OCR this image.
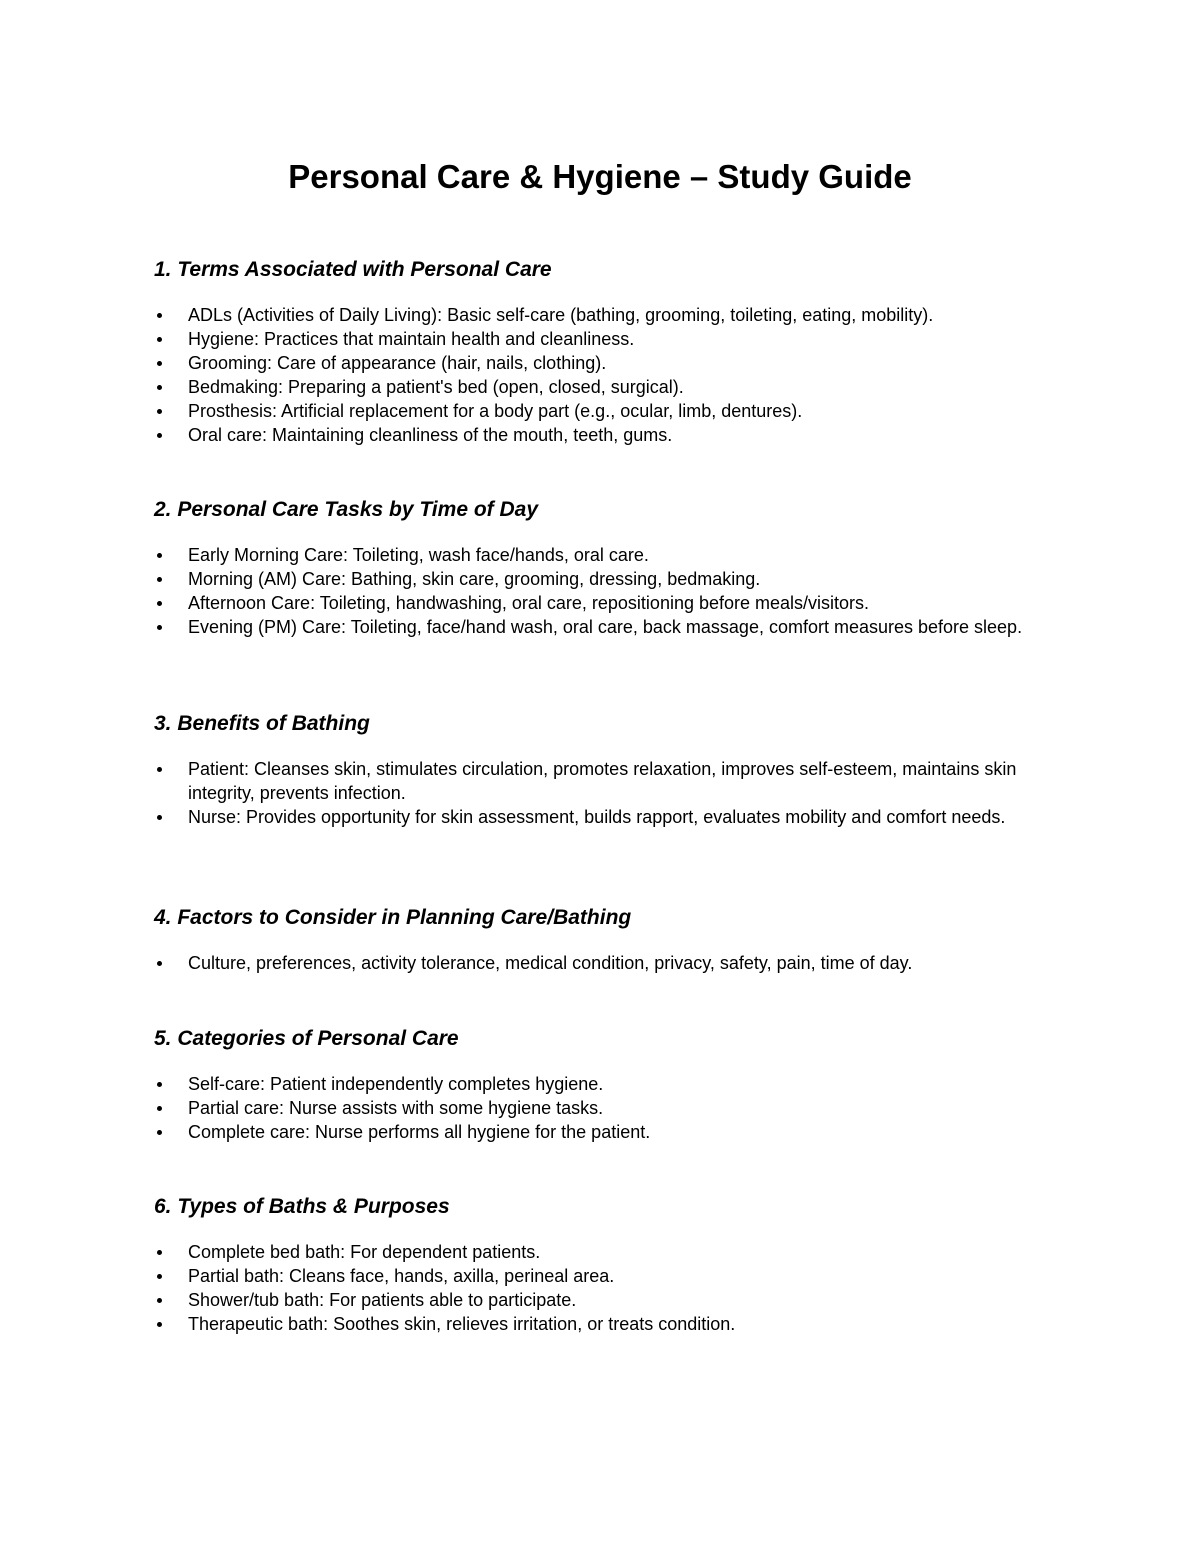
Personal Care & Hygiene – Study Guide
1. Terms Associated with Personal Care
ADLs (Activities of Daily Living): Basic self-care (bathing, grooming, toileting, eating, mobility).
Hygiene: Practices that maintain health and cleanliness.
Grooming: Care of appearance (hair, nails, clothing).
Bedmaking: Preparing a patient's bed (open, closed, surgical).
Prosthesis: Artificial replacement for a body part (e.g., ocular, limb, dentures).
Oral care: Maintaining cleanliness of the mouth, teeth, gums.
2. Personal Care Tasks by Time of Day
Early Morning Care: Toileting, wash face/hands, oral care.
Morning (AM) Care: Bathing, skin care, grooming, dressing, bedmaking.
Afternoon Care: Toileting, handwashing, oral care, repositioning before meals/visitors.
Evening (PM) Care: Toileting, face/hand wash, oral care, back massage, comfort measures before sleep.
3. Benefits of Bathing
Patient: Cleanses skin, stimulates circulation, promotes relaxation, improves self-esteem, maintains skin integrity, prevents infection.
Nurse: Provides opportunity for skin assessment, builds rapport, evaluates mobility and comfort needs.
4. Factors to Consider in Planning Care/Bathing
Culture, preferences, activity tolerance, medical condition, privacy, safety, pain, time of day.
5. Categories of Personal Care
Self-care: Patient independently completes hygiene.
Partial care: Nurse assists with some hygiene tasks.
Complete care: Nurse performs all hygiene for the patient.
6. Types of Baths & Purposes
Complete bed bath: For dependent patients.
Partial bath: Cleans face, hands, axilla, perineal area.
Shower/tub bath: For patients able to participate.
Therapeutic bath: Soothes skin, relieves irritation, or treats condition.
